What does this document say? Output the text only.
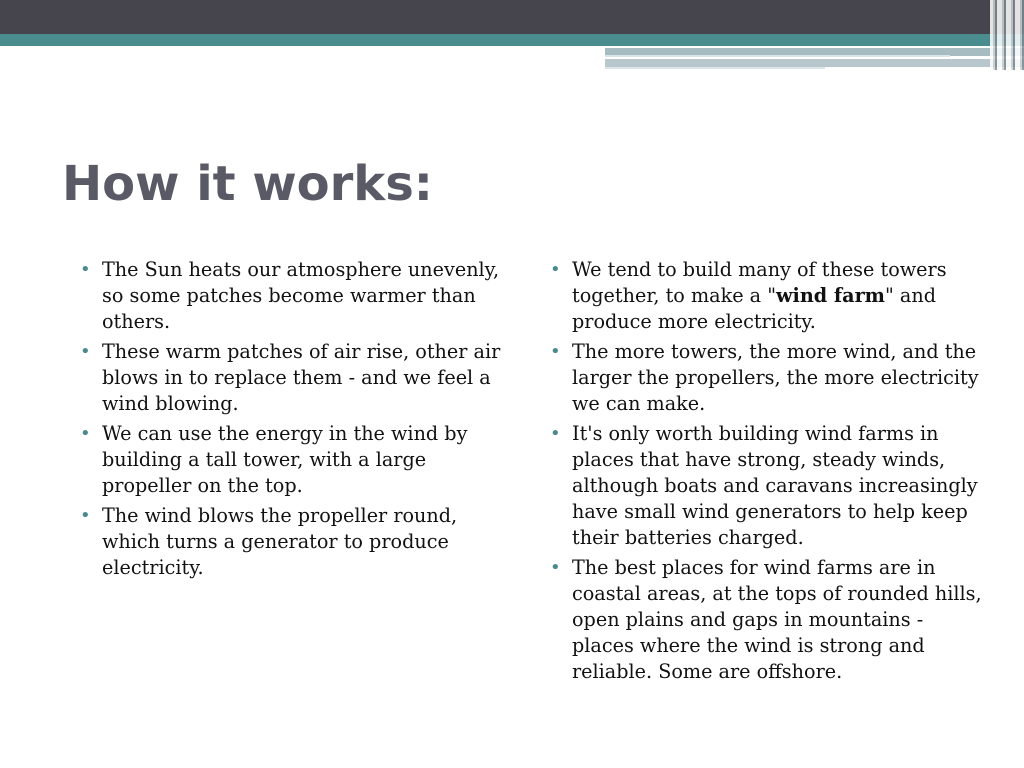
How it works:
• The Sun heats our atmosphere unevenly, so some patches become warmer than others.
• These warm patches of air rise, other air blows in to replace them - and we feel a wind blowing.
• We can use the energy in the wind by building a tall tower, with a large propeller on the top.
• The wind blows the propeller round, which turns a generator to produce electricity.
• We tend to build many of these towers together, to make a "wind farm" and produce more electricity.
• The more towers, the more wind, and the larger the propellers, the more electricity we can make.
• It's only worth building wind farms in places that have strong, steady winds, although boats and caravans increasingly have small wind generators to help keep their batteries charged.
• The best places for wind farms are in coastal areas, at the tops of rounded hills, open plains and gaps in mountains - places where the wind is strong and reliable. Some are offshore.
